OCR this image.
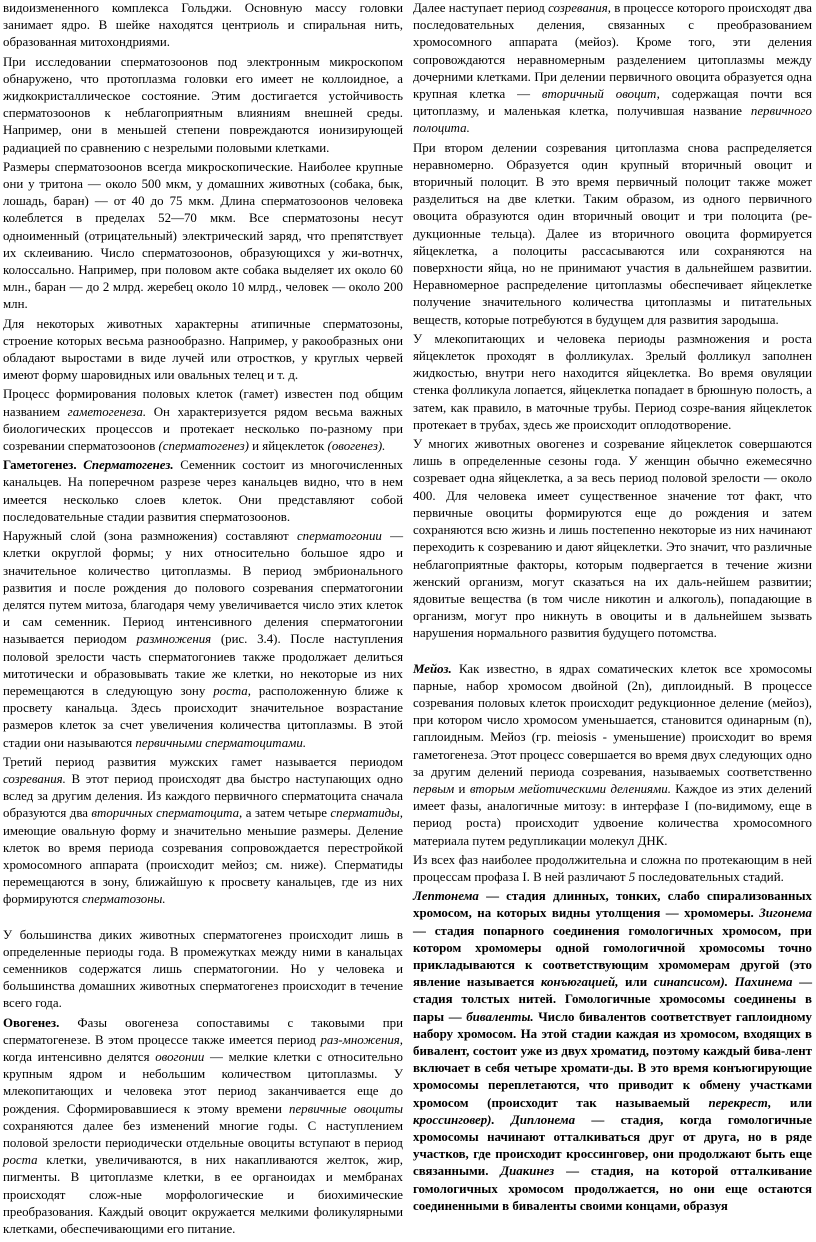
видоизмененного комплекса Гольджи. Основную массу головки занимает ядро. В шейке находятся центриоль и спиральная нить, образованная митохондриями.

При исследовании сперматозоонов под электронным микроскопом обнаружено, что протоплазма головки его имеет не коллоидное, а жидкокристаллическое состояние. Этим достигается устойчивость сперматозоонов к неблагоприятным влияниям внешней среды. Например, они в меньшей степени повреждаются ионизирующей радиацией по сравнению с незрелыми половыми клетками.

Размеры сперматозоонов всегда микроскопические. Наиболее крупные они у тритона — около 500 мкм, у домашних животных (собака, бык, лошадь, баран) — от 40 до 75 мкм. Длина сперматозоонов человека колеблется в пределах 52—70 мкм. Все сперматозоны несут одноименный (отрицательный) электрический заряд, что препятствует их склеиванию. Число сперматозоонов, образующихся у жи-вотнчх, колоссально. Например, при половом акте собака выделяет их около 60 млн., баран — до 2 млрд. жеребец около 10 млрд., человек — около 200 млн.

Для некоторых животных характерны атипичные сперматозоны, строение которых весьма разнообразно. Например, у ракообразных они обладают выростами в виде лучей или отростков, у круглых червей имеют форму шаровидных или овальных телец и т. д.

Процесс формирования половых клеток (гамет) известен под общим названием гаметогенеза. Он характеризуется рядом весьма важных биологических процессов и протекает несколько по-разному при созревании сперматозоонов (сперматогенез) и яйцеклеток (овогенез).

Гаметогенез. Сперматогенез. Семенник состоит из многочисленных канальцев. На поперечном разрезе через канальцев видно, что в нем имеется несколько слоев клеток. Они представляют собой последовательные стадии развития сперматозоонов.

Наружный слой (зона размножения) составляют сперматогонии — клетки округлой формы; у них относительно большое ядро и значительное количество цитоплазмы. В период эмбрионального развития и после рождения до полового созревания сперматогонии делятся путем митоза, благодаря чему увеличивается число этих клеток и сам семенник. Период интенсивного деления сперматогонии называется периодом размножения (рис. 3.4). После наступления половой зрелости часть сперматогониев также продолжает делиться митотически и образовывать такие же клетки, но некоторые из них перемещаются в следующую зону роста, расположенную ближе к просвету канальца. Здесь происходит значительное возрастание размеров клеток за счет увеличения количества цитоплазмы. В этой стадии они называются первичными сперматоцитами.

Третий период развития мужских гамет называется периодом созревания. В этот период происходят два быстро наступающих одно вслед за другим деления. Из каждого первичного сперматоцита сначала образуются два вторичных сперматоцита, а затем четыре сперматиды, имеющие овальную форму и значительно меньшие размеры. Деление клеток во время периода созревания сопровождается перестройкой хромосомного аппарата (происходит мейоз; см. ниже). Сперматиды перемещаются в зону, ближайшую к просвету канальцев, где из них формируются сперматозоны.

У большинства диких животных сперматогенез происходит лишь в определенные периоды года. В промежутках между ними в канальцах семенников содержатся лишь сперматогонии. Но у человека и большинства домашних животных сперматогенез происходит в течение всего года.

Овогенез. Фазы овогенеза сопоставимы с таковыми при сперматогенезе. В этом процессе также имеется период раз-множения, когда интенсивно делятся овогонии — мелкие клетки с относительно крупным ядром и небольшим количеством цитоплазмы. У млекопитающих и человека этот период заканчивается еще до рождения. Сформировавшиеся к этому времени первичные овоциты сохраняются далее без изменений многие годы. С наступлением половой зрелости периодически отдельные овоциты вступают в период роста клетки, увеличиваются, в них накапливаются желток, жир, пигменты. В цитоплазме клетки, в ее органоидах и мембранах происходят слож-ные морфологические и биохимические преобразования. Каждый овоцит окружается мелкими фоликулярными клетками, обеспечивающими его питание.

Далее наступает период созревания, в процессе которого происходят два последовательных деления, связанных с преобразованием хромосомного аппарата (мейоз). Кроме того, эти деления сопровождаются неравномерным разделением цитоплазмы между дочерними клетками. При делении первичного овоцита образуется одна крупная клетка — вторичный овоцит, содержащая почти вся цитоплазму, и маленькая клетка, получившая название первичного полоцита.

При втором делении созревания цитоплазма снова распределяется неравномерно. Образуется один крупный вторичный овоцит и вторичный полоцит. В это время первичный полоцит также может разделиться на две клетки. Таким образом, из одного первичного овоцита образуются один вторичный овоцит и три полоцита (ре-дукционные тельца). Далее из вторичного овоцита формируется яйцеклетка, а полоциты рассасываются или сохраняются на поверхности яйца, но не принимают участия в дальнейшем развитии. Неравномерное распределение цитоплазмы обеспечивает яйцеклетке получение значительного количества цитоплазмы и питательных веществ, которые потребуются в будущем для развития зародыша.

У млекопитающих и человека периоды размножения и роста яйцеклеток проходят в фолликулах. Зрелый фолликул заполнен жидкостью, внутри него находится яйцеклетка. Во время овуляции стенка фолликула лопается, яйцеклетка попадает в брюшную полость, а затем, как правило, в маточные трубы. Период созре-вания яйцеклеток протекает в трубах, здесь же происходит оплодотворение.

У многих животных овогенез и созревание яйцеклеток совершаются лишь в определенные сезоны года. У женщин обычно ежемесячно созревает одна яйцеклетка, а за весь период половой зрелости — около 400. Для человека имеет существенное значение тот факт, что первичные овоциты формируются еще до рождения и затем сохраняются всю жизнь и лишь постепенно некоторые из них начинают переходить к созреванию и дают яйцеклетки. Это значит, что различные неблагоприятные факторы, которым подвергается в течение жизни женский организм, могут сказаться на их даль-нейшем развитии; ядовитые вещества (в том числе никотин и алкоголь), попадающие в организм, могут про никнуть в овоциты и в дальнейшем зызвать нарушения нормального развития будущего потомства.

Мейоз. Как известно, в ядрах соматических клеток все хромосомы парные, набор хромосом двойной (2n), диплоидный. В процессе созревания половых клеток происходит редукционное деление (мейоз), при котором число хромосом уменьшается, становится одинарным (n), гаплоидным. Мейоз (гр. meiosis - уменьшение) происходит во время гаметогенеза. Этот процесс совершается во время двух следующих одно за другим делений периода созревания, называемых соответственно первым и вторым мейотическими делениями. Каждое из этих делений имеет фазы, аналогичные митозу: в интерфазе I (по-видимому, еще в период роста) происходит удвоение количества хромосомного материала путем редупликации молекул ДНК.

Из всех фаз наиболее продолжительна и сложна по протекающим в ней процессам профаза I. В ней различают 5 последовательных стадий.

Лептонема — стадия длинных, тонких, слабо спирализованных хромосом, на которых видны утолщения — хромомеры. Зигонема — стадия попарного соединения гомологичных хромосом, при котором хромомеры одной гомологичной хромосомы точно прикладываются к соответствующим хромомерам другой (это явление называется конъюгацией, или синапсисом). Пахинема — стадия толстых нитей. Гомологичные хромосомы соединены в пары — биваленты. Число бивалентов соответствует гаплоидному набору хромосом. На этой стадии каждая из хромосом, входящих в бивалент, состоит уже из двух хроматид, поэтому каждый бива-лент включает в себя четыре хромати-ды. В это время конъюгирующие хромосомы переплетаются, что приводит к обмену участками хромосом (происходит так называемый перекрест, или кроссинговер). Диплонема — стадия, когда гомологичные хромосомы начинают отталкиваться друг от друга, но в ряде участков, где происходит кроссинговер, они продолжают быть еще связанными. Диакинез — стадия, на которой отталкивание гомологичных хромосом продолжается, но они еще остаются соединенными в биваленты своими концами, образуя
